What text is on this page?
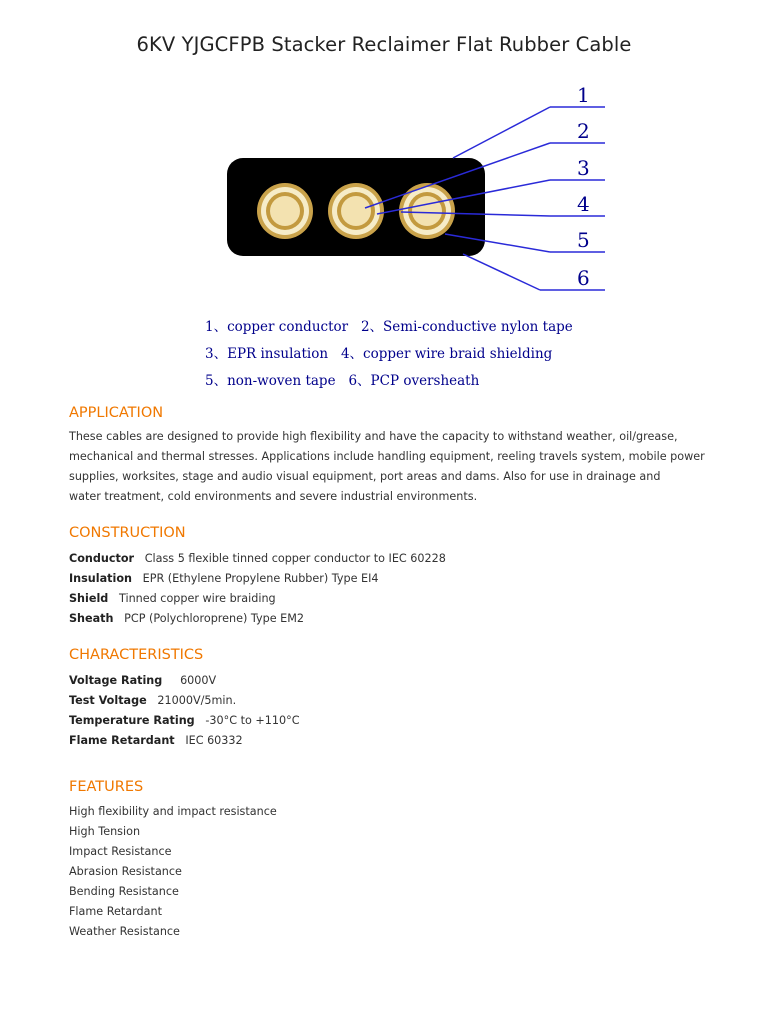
6KV YJGCFPB Stacker Reclaimer Flat Rubber Cable
1
2
3
4
5
6
1、copper conductor 2、Semi-conductive nylon tape
3、EPR insulation 4、copper wire braid shielding
5、non-woven tape 6、PCP oversheath
APPLICATION
These cables are designed to provide high flexibility and have the capacity to withstand weather, oil/grease,
mechanical and thermal stresses. Applications include handling equipment, reeling travels system, mobile power
supplies, worksites, stage and audio visual equipment, port areas and dams. Also for use in drainage and
water treatment, cold environments and severe industrial environments.
CONSTRUCTION
Conductor Class 5 flexible tinned copper conductor to IEC 60228
Insulation EPR (Ethylene Propylene Rubber) Type EI4
Shield Tinned copper wire braiding
Sheath PCP (Polychloroprene) Type EM2
CHARACTERISTICS
Voltage Rating 6000V
Test Voltage 21000V/5min.
Temperature Rating -30°C to +110°C
Flame Retardant IEC 60332
FEATURES
High flexibility and impact resistance
High Tension
Impact Resistance
Abrasion Resistance
Bending Resistance
Flame Retardant
Weather Resistance
